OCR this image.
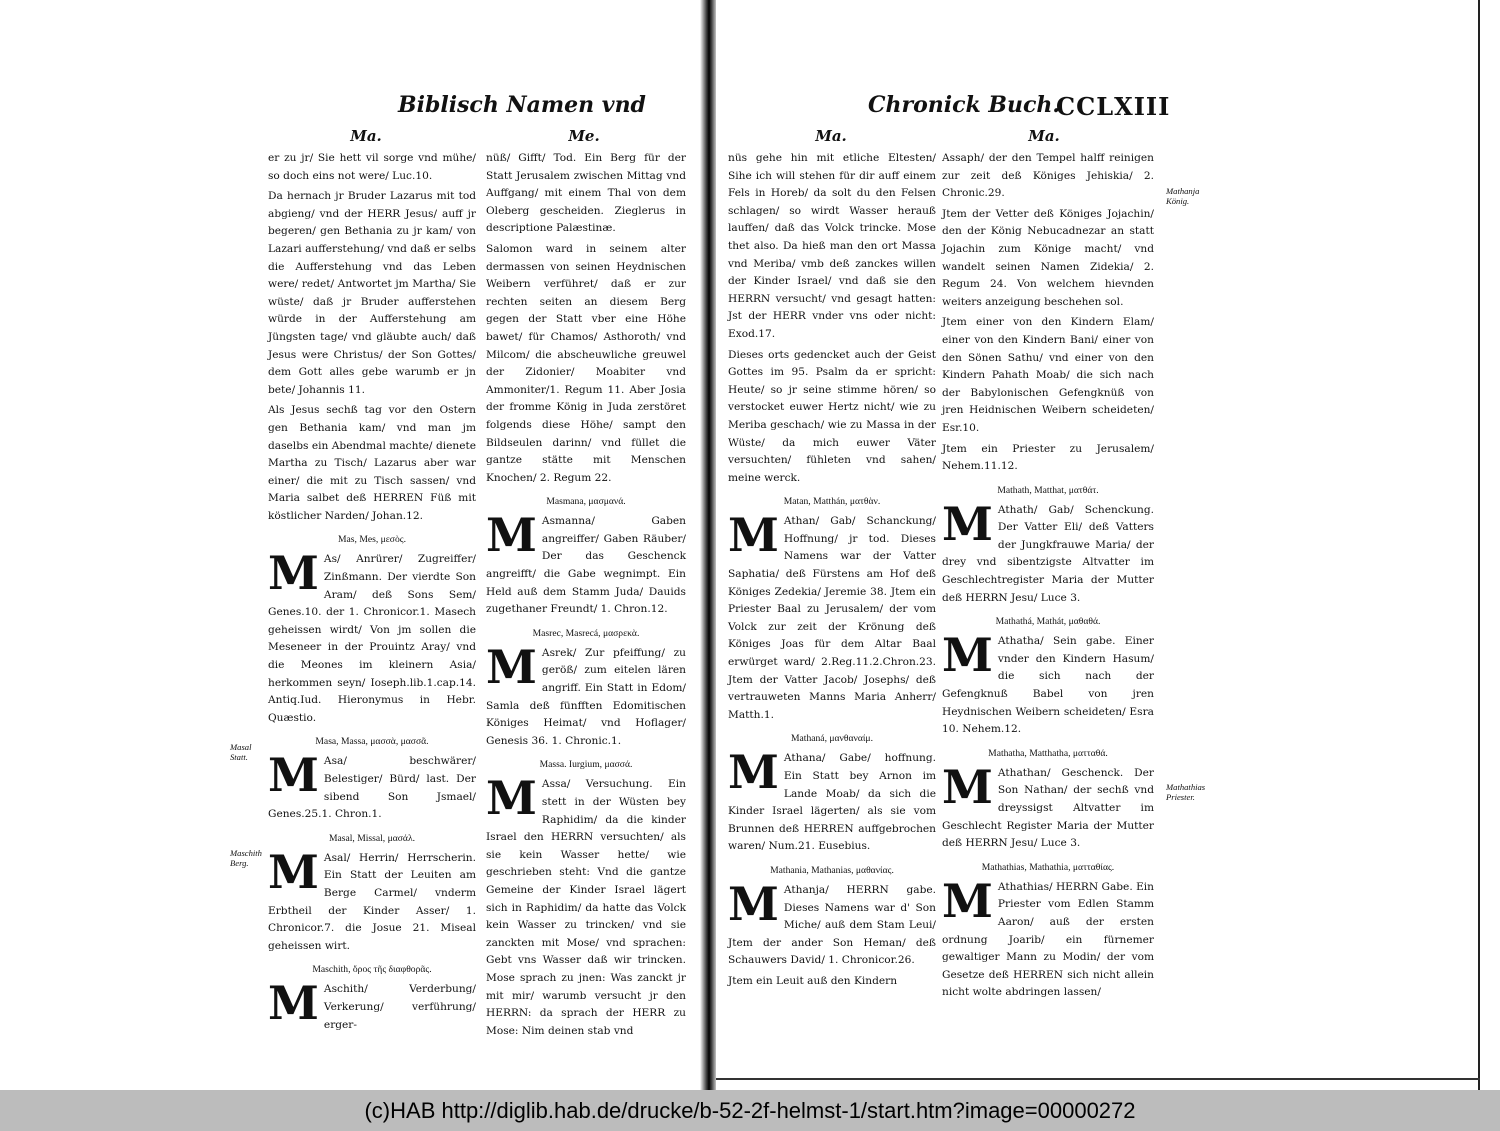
Biblisch Namen vnd
Ma.	Me.

er zu jr/ Sie hett vil sorge vnd mühe/ so doch eins not were/ Luc.10.

Da hernach jr Bruder Lazarus mit tod abgieng/ vnd der HERR Jesus/ auff jr begeren/ gen Bethania zu jr kam/ von Lazari aufferstehung/ vnd daß er selbs die Aufferstehung vnd das Leben were/ redet/ Antwortet jm Martha/ Sie wüste/ daß jr Bruder aufferstehen würde in der Aufferstehung am Jüngsten tage/ vnd gläubte auch/ daß Jesus were Christus/ der Son Gottes/ dem Gott alles gebe warumb er jn bete/ Johannis 11.

Als Jesus sechß tag vor den Ostern gen Bethania kam/ vnd man jm daselbs ein Abendmal machte/ dienete Martha zu Tisch/ Lazarus aber war einer/ die mit zu Tisch sassen/ vnd Maria salbet deß HERREN Füß mit köstlicher Narden/ Johan.12.

Mas, Mes, μεσὸς.

M As/ Anrürer/ Zugreiffer/ Zinßmann. Der vierdte Son Aram/ deß Sons Sem/ Genes.10. der 1. Chronicor.1. Masech geheissen wirdt/ Von jm sollen die Meseneer in der Prouintz Aray/ vnd die Meones im kleinern Asia/ herkommen seyn/ Ioseph.lib.1.cap.14. Antiq.Iud. Hieronymus in Hebr. Quæstio.

Masa, Massa, μασσὰ, μασσᾶ.

M Asa/ beschwärer/ Belestiger/ Bürd/ last. Der sibend Son Jsmael/ Genes.25.1. Chron.1.

Masal, Missal, μασάλ.

M Asal/ Herrin/ Herrscherin. Ein Statt der Leuiten am Berge Carmel/ vnderm Erbtheil der Kinder Asser/ 1. Chronicor.7. die Josue 21. Miseal geheissen wirt.

Maschith, ὅρος τῆς διαφθορᾶς.

M Aschith/ Verderbung/ Verkerung/ verführung/ erger-

nüß/ Gifft/ Tod. Ein Berg für der Statt Jerusalem zwischen Mittag vnd Auffgang/ mit einem Thal von dem Oleberg gescheiden. Zieglerus in descriptione Palæstinæ.

Salomon ward in seinem alter dermassen von seinen Heydnischen Weibern verführet/ daß er zur rechten seiten an diesem Berg gegen der Statt vber eine Höhe bawet/ für Chamos/ Asthoroth/ vnd Milcom/ die abscheuwliche greuwel der Zidonier/ Moabiter vnd Ammoniter/1. Regum 11. Aber Josia der fromme König in Juda zerstöret folgends diese Höhe/ sampt den Bildseulen darinn/ vnd füllet die gantze stätte mit Menschen Knochen/ 2. Regum 22.

Masmana, μασμανά.

M Asmanna/ Gaben angreiffer/ Gaben Räuber/ Der das Geschenck angreifft/ die Gabe wegnimpt. Ein Held auß dem Stamm Juda/ Dauids zugethaner Freundt/ 1. Chron.12.

Masrec, Masrecá, μασρεκὰ.

M Asrek/ Zur pfeiffung/ zu geröß/ zum eitelen lären angriff. Ein Statt in Edom/ Samla deß fünfften Edomitischen Königes Heimat/ vnd Hoflager/ Genesis 36. 1. Chronic.1.

Massa. Iurgium, μασσά.

M Assa/ Versuchung. Ein stett in der Wüsten bey Raphidim/ da die kinder Israel den HERRN versuchten/ als sie kein Wasser hette/ wie geschrieben steht: Vnd die gantze Gemeine der Kinder Israel lägert sich in Raphidim/ da hatte das Volck kein Wasser zu trincken/ vnd sie zanckten mit Mose/ vnd sprachen: Gebt vns Wasser daß wir trincken. Mose sprach zu jnen: Was zanckt jr mit mir/ warumb versucht jr den HERRN: da sprach der HERR zu Mose: Nim deinen stab vnd

Masal Statt.
Maschith Berg.
Chronick Buch.
CCLXIII
Ma.	Ma.

nüs gehe hin mit etliche Eltesten/ Sihe ich will stehen für dir auff einem Fels in Horeb/ da solt du den Felsen schlagen/ so wirdt Wasser herauß lauffen/ daß das Volck trincke. Mose thet also. Da hieß man den ort Massa vnd Meriba/ vmb deß zanckes willen der Kinder Israel/ vnd daß sie den HERRN versucht/ vnd gesagt hatten: Jst der HERR vnder vns oder nicht: Exod.17.

Dieses orts gedencket auch der Geist Gottes im 95. Psalm da er spricht: Heute/ so jr seine stimme hören/ so verstocket euwer Hertz nicht/ wie zu Meriba geschach/ wie zu Massa in der Wüste/ da mich euwer Väter versuchten/ fühleten vnd sahen/ meine werck.

Matan, Matthán, ματθὰν.

M Athan/ Gab/ Schanckung/ Hoffnung/ jr tod. Dieses Namens war der Vatter Saphatia/ deß Fürstens am Hof deß Königes Zedekia/ Jeremie 38. Jtem ein Priester Baal zu Jerusalem/ der vom Volck zur zeit der Krönung deß Königes Joas für dem Altar Baal erwürget ward/ 2.Reg.11.2.Chron.23. Jtem der Vatter Jacob/ Josephs/ deß vertrauweten Manns Maria Anherr/ Matth.1.

Mathaná, μανθαναίμ.

M Athana/ Gabe/ hoffnung. Ein Statt bey Arnon im Lande Moab/ da sich die Kinder Israel lägerten/ als sie vom Brunnen deß HERREN auffgebrochen waren/ Num.21. Eusebius.

Mathania, Mathanias, μαθανίας.

M Athanja/ HERRN gabe. Dieses Namens war d' Son Miche/ auß dem Stam Leui/ Jtem der ander Son Heman/ deß Schauwers David/ 1. Chronicor.26.

Jtem ein Leuit auß den Kindern

Assaph/ der den Tempel halff reinigen zur zeit deß Königes Jehiskia/ 2. Chronic.29.

Jtem der Vetter deß Königes Jojachin/ den der König Nebucadnezar an statt Jojachin zum Könige macht/ vnd wandelt seinen Namen Zidekia/ 2. Regum 24. Von welchem hievnden weiters anzeigung beschehen sol.

Jtem einer von den Kindern Elam/ einer von den Kindern Bani/ einer von den Sönen Sathu/ vnd einer von den Kindern Pahath Moab/ die sich nach der Babylonischen Gefengknüß von jren Heidnischen Weibern scheideten/ Esr.10.

Jtem ein Priester zu Jerusalem/ Nehem.11.12.

Mathath, Matthat, ματθάτ.

M Athath/ Gab/ Schenckung. Der Vatter Eli/ deß Vatters der Jungkfrauwe Maria/ der drey vnd sibentzigste Altvatter im Geschlechtregister Maria der Mutter deß HERRN Jesu/ Luce 3.

Mathathá, Mathát, μαθαθά.

M Athatha/ Sein gabe. Einer vnder den Kindern Hasum/ die sich nach der Gefengknuß Babel von jren Heydnischen Weibern scheideten/ Esra 10. Nehem.12.

Mathatha, Matthatha, ματταθά.

M Athathan/ Geschenck. Der Son Nathan/ der sechß vnd dreyssigst Altvatter im Geschlecht Register Maria der Mutter deß HERRN Jesu/ Luce 3.

Mathathias, Mathathia, ματταθίας.

M Athathias/ HERRN Gabe. Ein Priester vom Edlen Stamm Aaron/ auß der ersten ordnung Joarib/ ein fürnemer gewaltiger Mann zu Modin/ der vom Gesetze deß HERREN sich nicht allein nicht wolte abdringen lassen/

Mathanja König.
Mathathias Priester.
(c)HAB http://diglib.hab.de/drucke/b-52-2f-helmst-1/start.htm?image=00000272
